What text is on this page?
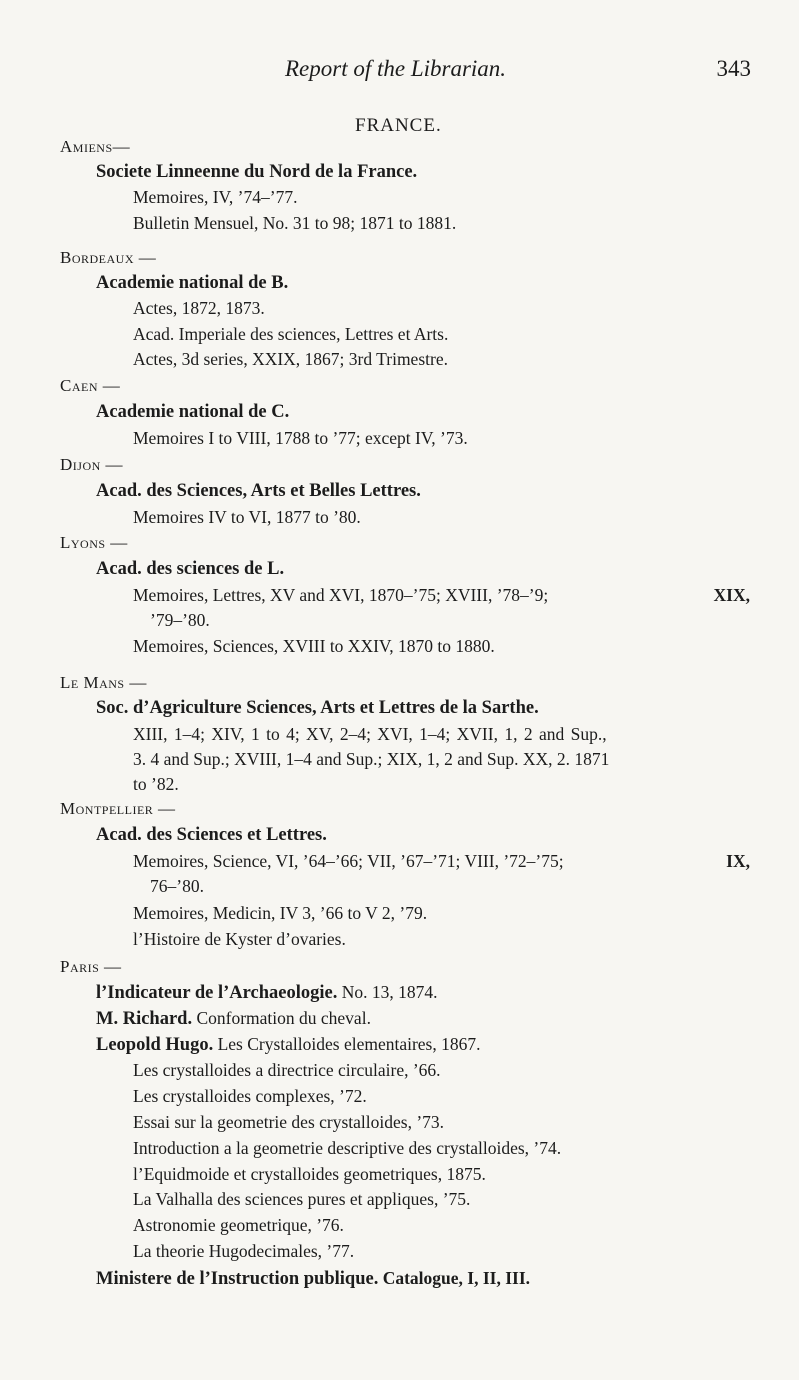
Report of the Librarian.	343
FRANCE.
Amiens—
Societe Linneenne du Nord de la France.
Memoires, IV, ’74–’77.
Bulletin Mensuel, No. 31 to 98; 1871 to 1881.
Bordeaux —
Academie national de B.
Actes, 1872, 1873.
Acad. Imperiale des sciences, Lettres et Arts.
Actes, 3d series, XXIX, 1867; 3rd Trimestre.
Caen —
Academie national de C.
Memoires I to VIII, 1788 to ’77; except IV, ’73.
Dijon —
Acad. des Sciences, Arts et Belles Lettres.
Memoires IV to VI, 1877 to ’80.
Lyons —
Acad. des sciences de L.
Memoires, Lettres, XV and XVI, 1870–’75; XVIII, ’78–’9;	XIX,
’79–’80.
Memoires, Sciences, XVIII to XXIV, 1870 to 1880.
Le Mans —
Soc. d’Agriculture Sciences, Arts et Lettres de la Sarthe.
XIII, 1–4; XIV, 1 to 4; XV, 2–4; XVI, 1–4; XVII, 1, 2 and Sup.,
3. 4 and Sup.; XVIII, 1–4 and Sup.; XIX, 1, 2 and Sup. XX, 2. 1871
to ’82.
Montpellier —
Acad. des Sciences et Lettres.
Memoires, Science, VI, ’64–’66; VII, ’67–’71; VIII, ’72–’75;	IX,
76–’80.
Memoires, Medicin, IV 3, ’66 to V 2, ’79.
l’Histoire de Kyster d’ovaries.
Paris —
l’Indicateur de l’Archaeologie. No. 13, 1874.
M. Richard. Conformation du cheval.
Leopold Hugo. Les Crystalloides elementaires, 1867.
Les crystalloides a directrice circulaire, ’66.
Les crystalloides complexes, ’72.
Essai sur la geometrie des crystalloides, ’73.
Introduction a la geometrie descriptive des crystalloides, ’74.
l’Equidmoide et crystalloides geometriques, 1875.
La Valhalla des sciences pures et appliques, ’75.
Astronomie geometrique, ’76.
La theorie Hugodecimales, ’77.
Ministere de l’Instruction publique. Catalogue, I, II, III.
